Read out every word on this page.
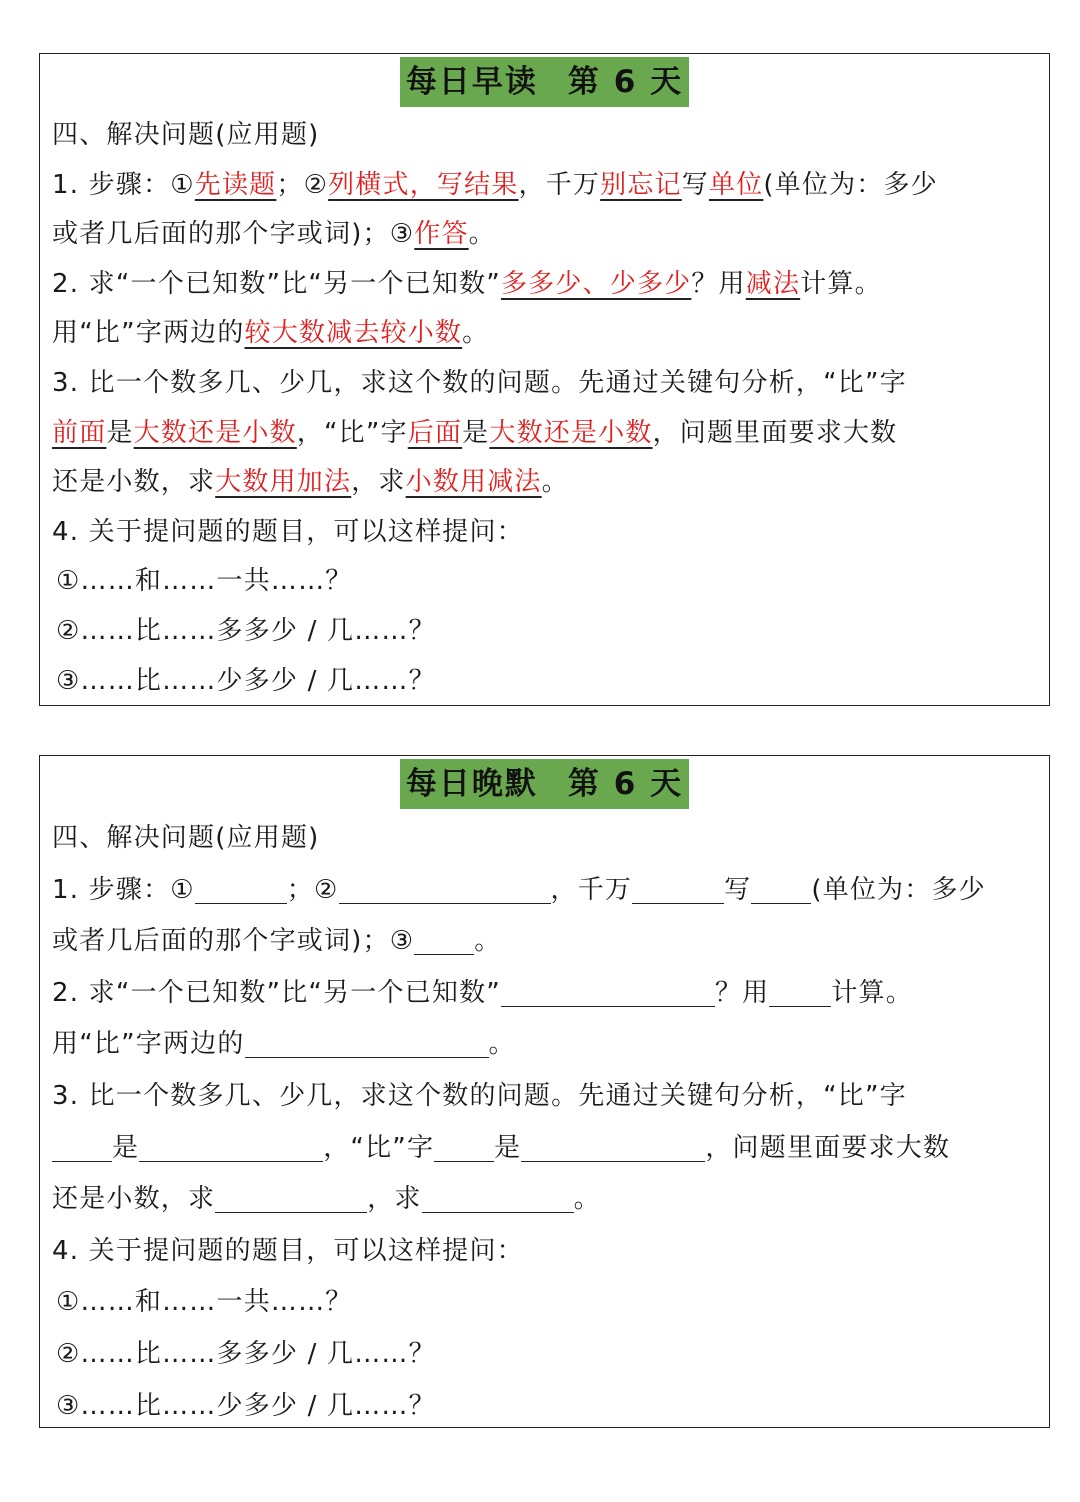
每日早读 第 6 天
四、解决问题(应用题)
1. 步骤：①先读题；②列横式，写结果，千万别忘记写单位(单位为：多少
或者几后面的那个字或词)；③作答。
2. 求“一个已知数”比“另一个已知数”多多少、少多少？用减法计算。
用“比”字两边的较大数减去较小数。
3. 比一个数多几、少几，求这个数的问题。先通过关键句分析，“比”字
前面是大数还是小数，“比”字后面是大数还是小数，问题里面要求大数
还是小数，求大数用加法，求小数用减法。
4. 关于提问题的题目，可以这样提问：
①……和……一共……？
②……比……多多少 / 几……？
③……比……少多少 / 几……？
每日晚默 第 6 天
四、解决问题(应用题)
1. 步骤：①	；②	，千万	写 (单位为：多少
或者几后面的那个字或词)；③ 。
2. 求“一个已知数”比“另一个已知数”	？用 计算。
用“比”字两边的	。
3. 比一个数多几、少几，求这个数的问题。先通过关键句分析，“比”字
是	，“比”字 是	，问题里面要求大数
还是小数，求	，求	。
4. 关于提问题的题目，可以这样提问：
①……和……一共……？
②……比……多多少 / 几……？
③……比……少多少 / 几……？
